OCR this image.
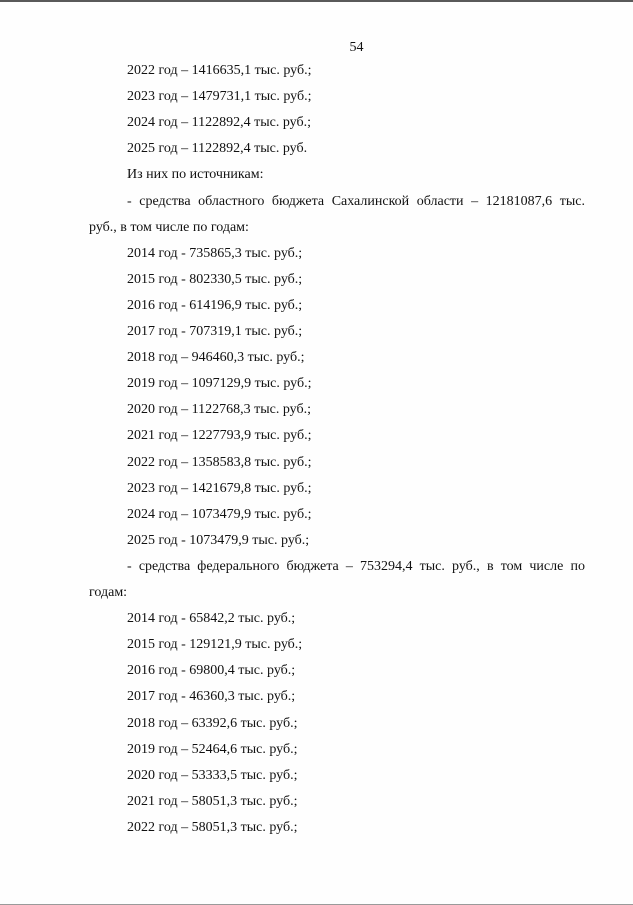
54
2022 год – 1416635,1 тыс. руб.;
2023 год – 1479731,1 тыс. руб.;
2024 год – 1122892,4 тыс. руб.;
2025 год – 1122892,4 тыс. руб.
Из них по источникам:
- средства областного бюджета Сахалинской области – 12181087,6 тыс.
руб., в том числе по годам:
2014 год - 735865,3 тыс. руб.;
2015 год - 802330,5 тыс. руб.;
2016 год - 614196,9 тыс. руб.;
2017 год - 707319,1 тыс. руб.;
2018 год – 946460,3 тыс. руб.;
2019 год – 1097129,9 тыс. руб.;
2020 год – 1122768,3 тыс. руб.;
2021 год – 1227793,9 тыс. руб.;
2022 год – 1358583,8 тыс. руб.;
2023 год – 1421679,8 тыс. руб.;
2024 год – 1073479,9 тыс. руб.;
2025 год - 1073479,9 тыс. руб.;
- средства федерального бюджета – 753294,4 тыс. руб., в том числе по
годам:
2014 год - 65842,2 тыс. руб.;
2015 год - 129121,9 тыс. руб.;
2016 год - 69800,4 тыс. руб.;
2017 год - 46360,3 тыс. руб.;
2018 год – 63392,6 тыс. руб.;
2019 год – 52464,6 тыс. руб.;
2020 год – 53333,5 тыс. руб.;
2021 год – 58051,3 тыс. руб.;
2022 год – 58051,3 тыс. руб.;
